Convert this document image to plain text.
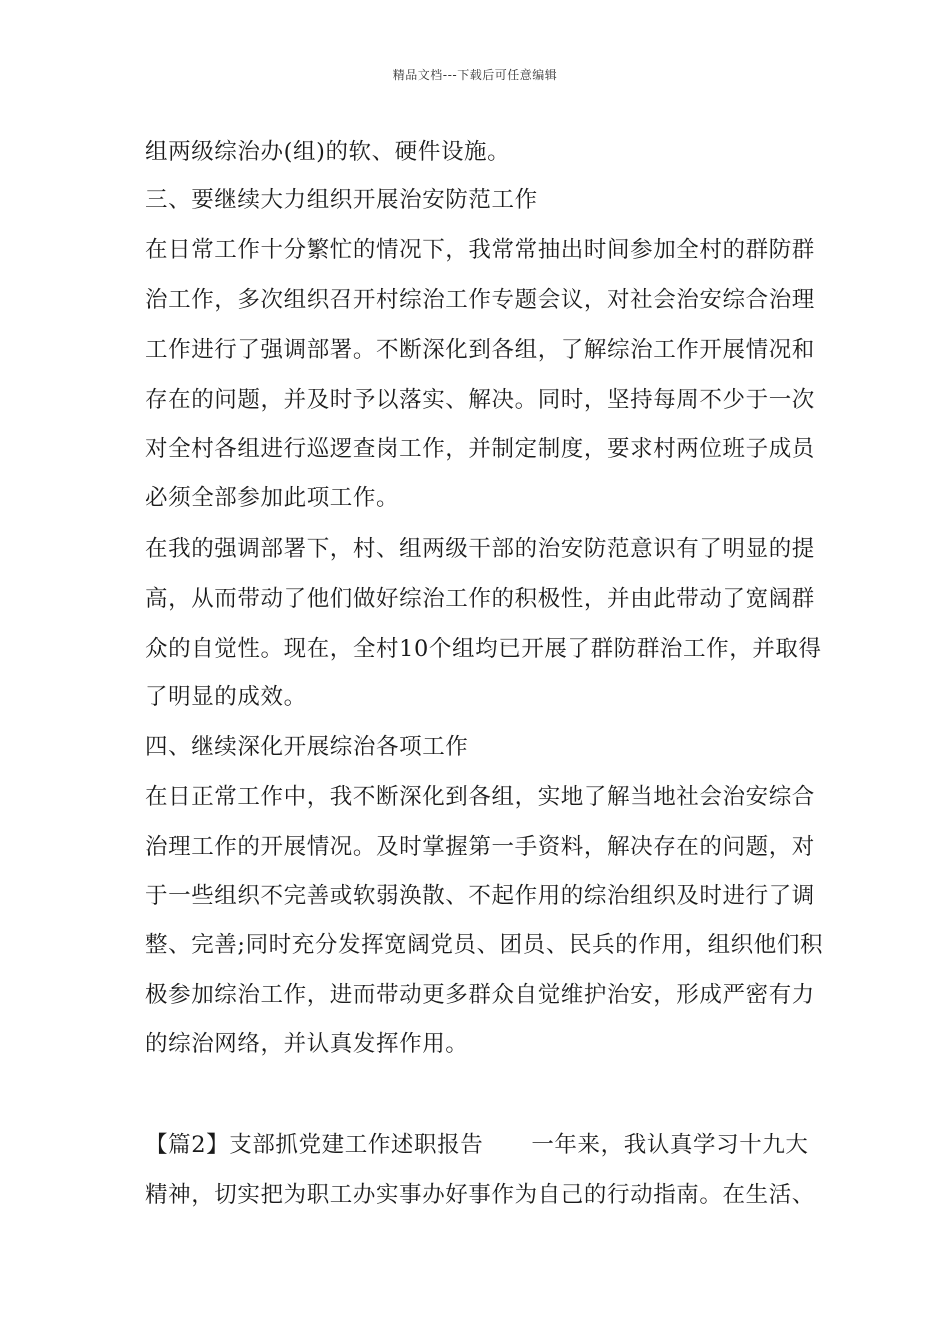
精品文档---下载后可任意编辑
组两级综治办(组)的软、硬件设施。
三、要继续大力组织开展治安防范工作
在日常工作十分繁忙的情况下，我常常抽出时间参加全村的群防群
治工作，多次组织召开村综治工作专题会议，对社会治安综合治理
工作进行了强调部署。不断深化到各组，了解综治工作开展情况和
存在的问题，并及时予以落实、解决。同时，坚持每周不少于一次
对全村各组进行巡逻查岗工作，并制定制度，要求村两位班子成员
必须全部参加此项工作。
在我的强调部署下，村、组两级干部的治安防范意识有了明显的提
高，从而带动了他们做好综治工作的积极性，并由此带动了宽阔群
众的自觉性。现在，全村10个组均已开展了群防群治工作，并取得
了明显的成效。
四、继续深化开展综治各项工作
在日正常工作中，我不断深化到各组，实地了解当地社会治安综合
治理工作的开展情况。及时掌握第一手资料，解决存在的问题，对
于一些组织不完善或软弱涣散、不起作用的综治组织及时进行了调
整、完善;同时充分发挥宽阔党员、团员、民兵的作用，组织他们积
极参加综治工作，进而带动更多群众自觉维护治安，形成严密有力
的综治网络，并认真发挥作用。
【篇2】支部抓党建工作述职报告 一年来，我认真学习十九大
精神，切实把为职工办实事办好事作为自己的行动指南。在生活、
